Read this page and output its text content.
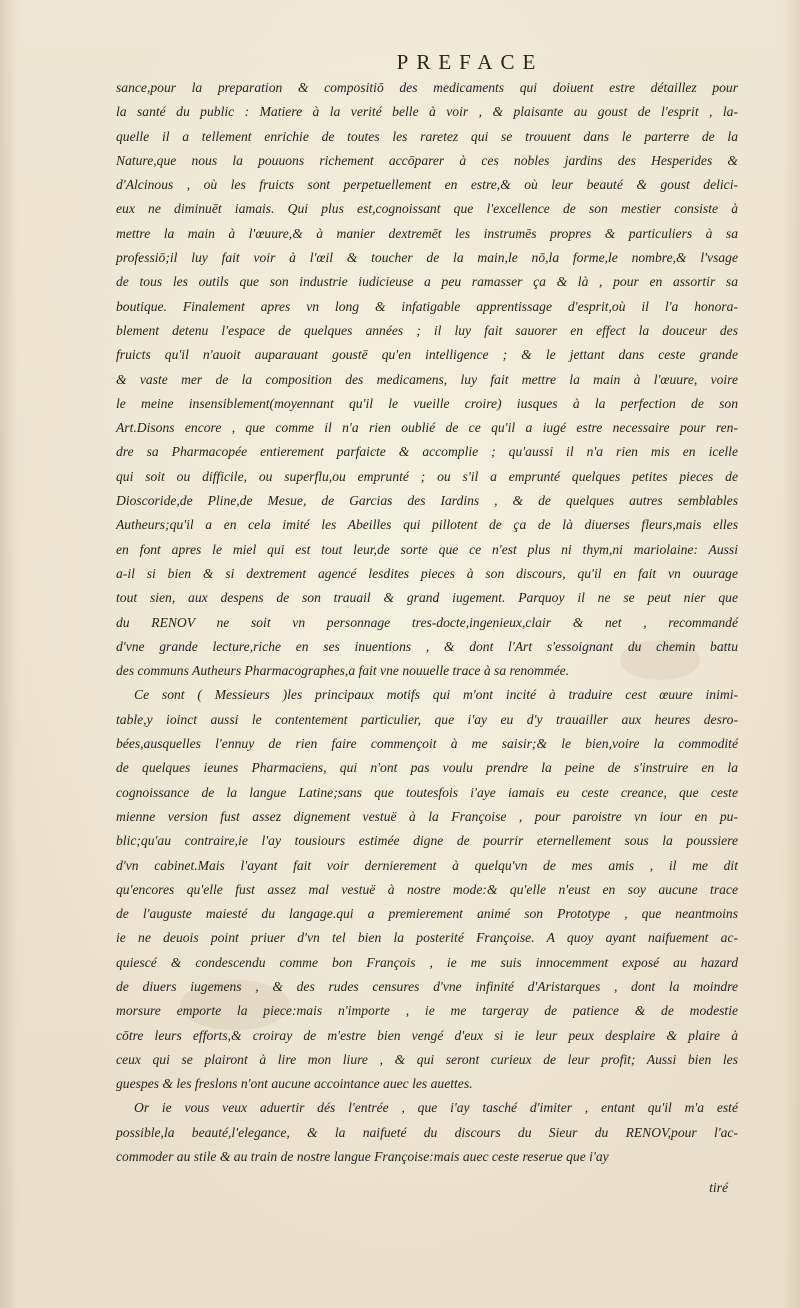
PREFACE
sance,pour la preparation & compositiō des medicaments qui doiuent estre détaillez pour
la santé du public : Matiere à la verité belle à voir , & plaisante au goust de l'esprit , la-
quelle il a tellement enrichie de toutes les raretez qui se trouuent dans le parterre de la
Nature,que nous la pouuons richement accōparer à ces nobles jardins des Hesperides &
d'Alcinous , où les fruicts sont perpetuellement en estre,& où leur beauté & goust delici-
eux ne diminuēt iamais. Qui plus est,cognoissant que l'excellence de son mestier consiste à
mettre la main à l'œuure,& à manier dextremēt les instrumēs propres & particuliers à sa
professiō;il luy fait voir à l'œil & toucher de la main,le nō,la forme,le nombre,& l'vsage
de tous les outils que son industrie iudicieuse a peu ramasser ça & là , pour en assortir sa
boutique. Finalement apres vn long & infatigable apprentissage d'esprit,où il l'a honora-
blement detenu l'espace de quelques années ; il luy fait sauorer en effect la douceur des
fruicts qu'il n'auoit auparauant goustē qu'en intelligence ; & le jettant dans ceste grande
& vaste mer de la composition des medicamens, luy fait mettre la main à l'œuure, voire
le meine insensiblement(moyennant qu'il le vueille croire) iusques à la perfection de son
Art.Disons encore , que comme il n'a rien oublié de ce qu'il a iugé estre necessaire pour ren-
dre sa Pharmacopée entierement parfaicte & accomplie ; qu'aussi il n'a rien mis en icelle
qui soit ou difficile, ou superflu,ou emprunté ; ou s'il a emprunté quelques petites pieces de
Dioscoride,de Pline,de Mesue, de Garcias des Iardins , & de quelques autres semblables
Autheurs;qu'il a en cela imité les Abeilles qui pillotent de ça de là diuerses fleurs,mais elles
en font apres le miel qui est tout leur,de sorte que ce n'est plus ni thym,ni mariolaine: Aussi
a-il si bien & si dextrement agencé lesdites pieces à son discours, qu'il en fait vn ouurage
tout sien, aux despens de son trauail & grand iugement. Parquoy il ne se peut nier que
du RENOV ne soit vn personnage tres-docte,ingenieux,clair & net , recommandé
d'vne grande lecture,riche en ses inuentions , & dont l'Art s'essoignant du chemin battu
des communs Autheurs Pharmacographes,a fait vne nouuelle trace à sa renommée.
Ce sont ( Messieurs )les principaux motifs qui m'ont incité à traduire cest œuure inimi-
table,y ioinct aussi le contentement particulier, que i'ay eu d'y trauailler aux heures desro-
bées,ausquelles l'ennuy de rien faire commençoit à me saisir;& le bien,voire la commodité
de quelques ieunes Pharmaciens, qui n'ont pas voulu prendre la peine de s'instruire en la
cognoissance de la langue Latine;sans que toutesfois i'aye iamais eu ceste creance, que ceste
mienne version fust assez dignement vestuë à la Françoise , pour paroistre vn iour en pu-
blic;qu'au contraire,ie l'ay tousiours estimée digne de pourrir eternellement sous la poussiere
d'vn cabinet.Mais l'ayant fait voir dernierement à quelqu'vn de mes amis , il me dit
qu'encores qu'elle fust assez mal vestuë à nostre mode:& qu'elle n'eust en soy aucune trace
de l'auguste maiesté du langage.qui a premierement animé son Prototype , que neantmoins
ie ne deuois point priuer d'vn tel bien la posterité Françoise. A quoy ayant naifuement ac-
quiescé & condescendu comme bon François , ie me suis innocemment exposé au hazard
de diuers iugemens , & des rudes censures d'vne infinité d'Aristarques , dont la moindre
morsure emporte la piece:mais n'importe , ie me targeray de patience & de modestie
cōtre leurs efforts,& croiray de m'estre bien vengé d'eux si ie leur peux desplaire & plaire à
ceux qui se plairont à lire mon liure , & qui seront curieux de leur profit; Aussi bien les
guespes & les freslons n'ont aucune accointance auec les auettes.
Or ie vous veux aduertir dés l'entrée , que i'ay tasché d'imiter , entant qu'il m'a esté
possible,la beauté,l'elegance, & la naifueté du discours du Sieur du RENOV,pour l'ac-
commoder au stile & au train de nostre langue Françoise:mais auec ceste reserue que i'ay
tiré
